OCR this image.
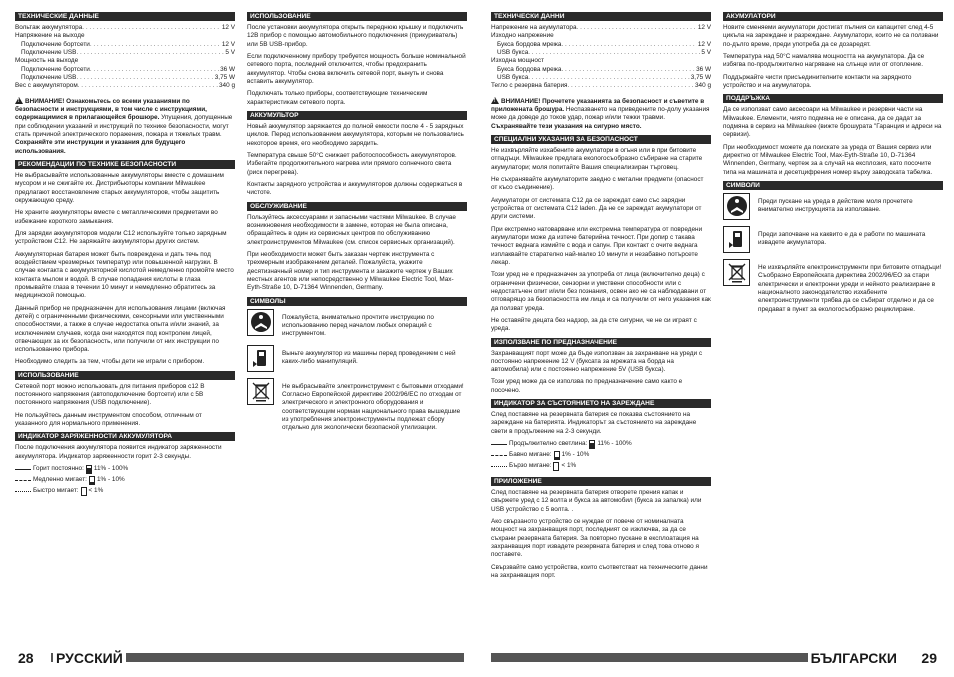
ТЕХНИЧЕСКИЕ ДАННЫЕ
Вольтаж аккумулятора . . .	12 V
Напряжение на выходе
Подключение бортсети . . .	12 V
Подключение USB . . .	5 V
Мощность на выходе
Подключение бортсети . . .	36 W
Подключение USB . . .	3,75 W
Вес с аккумулятором . . .	340 g
!ВНИМАНИЕ! Ознакомьтесь со всеми указаниями по безопасности и инструкциями, в том числе с инструкциями, содержащимися в прилагающейся брошюре. Упущения, допущенные при соблюдении указаний и инструкций по технике безопасности, могут стать причиной электрического поражения, пожара и тяжелых травм.
Сохраняйте эти инструкции и указания для будущего использования.
РЕКОМЕНДАЦИИ ПО ТЕХНИКЕ БЕЗОПАСНОСТИ
Не выбрасывайте использованные аккумуляторы вместе с домашним мусором и не сжигайте их. Дистрибьюторы компании Milwaukee предлагают восстановление старых аккумуляторов, чтобы защитить окружающую среду.
Не храните аккумуляторы вместе с металлическими предметами во избежание короткого замыкания.
Для зарядки аккумуляторов модели C12 используйте только зарядным устройством C12. Не заряжайте аккумуляторы других систем.
Аккумуляторная батарея может быть повреждена и дать течь под воздействием чрезмерных температур или повышенной нагрузки. В случае контакта с аккумуляторной кислотой немедленно промойте место контакта мылом и водой. В случае попадания кислоты в глаза промывайте глаза в течении 10 минут и немедленно обратитесь за медицинской помощью.
Данный прибор не предназначен для использования лицами (включая детей) с ограниченными физическими, сенсорными или умственными способностями, а также в случае недостатка опыта и/или знаний, за исключением случаев, когда они находятся под контролем лицей, отвечающих за их безопасность, или получили от них инструкции по использованию прибора.
Необходимо следить за тем, чтобы дети не играли с прибором.
ИСПОЛЬЗОВАНИЕ
Сетевой порт можно использовать для питания приборов c12 В постоянного напряжения (автоподключение бортсети) или с 5В постоянного напряжения (USB подключение).
Не пользуйтесь данным инструментом способом, отличным от указанного для нормального применения.
ИНДИКАТОР ЗАРЯЖЕННОСТИ АККУМУЛЯТОРА
После подключения аккумулятора появится индикатор заряженности аккумулятора. Индикатор заряженности горит 2-3 секунды.
Горит постоянно: 11% - 100%
Медленно мигает: 1% - 10%
Быстро мигает: < 1%
ИСПОЛЬЗОВАНИЕ
После установки аккумулятора открыть переднюю крышку и подключить 12В прибор с помощью автомобильного подключения (прикуриватель) или 5В USB-прибор.
Если подключенному прибору требуется мощность больше номинальной сетевого порта, последний отключится, чтобы предохранить аккумулятор. Чтобы снова включить сетевой порт, вынуть и снова вставить аккумулятор.
Подключать только приборы, соответствующие техническим характеристикам сетевого порта.
АККУМУЛЬТОР
Новый аккумулятор заряжается до полной емкости после 4 - 5 зарядных циклов. Перед использованием аккумулятора, которым не пользовались некоторое время, его необходимо зарядить.
Температура свыше 50°C снижает работоспособность аккумуляторов. Избегайте продолжительного нагрева или прямого солнечного света (риск перегрева).
Контакты зарядного устройства и аккумуляторов должны содержаться в чистоте.
ОБСЛУЖИВАНИЕ
Пользуйтесь аксессуарами и запасными частями Milwaukee. В случае возникновения необходимости в замене, которая не была описана, обращайтесь в один из сервисных центров по обслуживанию электроинструментов Milwaukee (см. список сервисных организаций).
При необходимости может быть заказан чертеж инструмента с трехмерным изображением деталей. Пожалуйста, укажите десятизначный номер и тип инструмента и закажите чертеж у Ваших местных агентов или непосредственно у Milwaukee Electric Tool, Max-Eyth-Straße 10, D-71364 Winnenden, Germany.
СИМВОЛЫ
Пожалуйста, внимательно прочтите инструкцию по использованию перед началом любых операций с инструментом.
Выньте аккумулятор из машины перед проведением с ней каких-либо манипуляций.
Не выбрасывайте электроинструмент с бытовыми отходами! Согласно Европейской директиве 2002/96/EC по отходам от электрического и электронного оборудования и соответствующим нормам национального права вышедшие из употребления электроинструменты подлежат сбору отдельно для экологически безопасной утилизации.
ТЕХНИЧЕСКИ ДАННИ
Напрежение на акумулатора . . .	12 V
Изходно напрежение
Букса бордова мрежа . . .	12 V
USB букса . . .	5 V
Изходна мощност
Букса бордова мрежа . . .	36 W
USB букса . . .	3,75 W
Тегло с резервна батерия . . .	340 g
!ВНИМАНИЕ! Прочетете указанията за безопасност и съветите в приложената брошура. Неспазването на приведените по-долу указания може да доведе до токов удар, пожар и/или тежки травми. Съхранявайте тези указания на сигурно място.
СПЕЦИАЛНИ УКАЗАНИЯ ЗА БЕЗОПАСНОСТ
Не изхвърляйте изхабените акумулатори в огъня или в при битовите отпадъци. Milwaukee предлага екологосъобразно събиране на старите акумулатори; моля попитайте Вашия специализиран търговец.
Не съхранявайте акумулаторите заедно с метални предмети (опасност от късо съединение).
Акумулатори от системата C12 да се зареждат само със зарядни устройства от системата C12 laden. Да не се зареждат акумулатори от други системи.
При екстремно натоварване или екстремна температура от повредени акумулатори може да изтече батерийна течност. При допир с такава течност веднага измийте с вода и сапун. При контакт с очите веднага изплаквайте старателно най-малко 10 минути и незабавно потърсете лекар.
Този уред не е предназначен за употреба от лица (включително деца) с ограничени физически, сензорни и умствени способности или с недостатъчен опит и/или без познания, освен ако не са наблюдавани от отговарящо за безопасността им лица и са получили от него указания как да ползват уреда.
Не оставяйте децата без надзор, за да сте сигурни, че не си играят с уреда.
ИЗПОЛЗВАНЕ ПО ПРЕДНАЗНАЧЕНИЕ
Захранващият порт може да бъде използван за захранване на уреди с постоянно напрежение 12 V (буксата за мрежата на борда на автомобила) или с постоянно напрежение 5V (USB букса).
Този уред може да се използва по предназначение само както е посочено.
ИНДИКАТОР ЗА СЪСТОЯНИЕТО НА ЗАРЕЖДАНЕ
След поставяне на резервната батерия се показва състоянието на зареждане на батерията. Индикаторът за състоянието на зареждане свети в продължение на 2-3 секунди.
Продължително светлина: 11% - 100%
Бавно мигане: 1% - 10%
Бързо мигане: < 1%
ПРИЛОЖЕНИЕ
След поставяне на резервната батерия отворете прения капак и свържете уред с 12 волта и букса за автомобил (букса за запалка) или USB устройство с 5 волта. .
Ако свързаното устройство се нуждае от повече от номиналната мощност на захранващия порт, последният се изключва, за да се съхрани резервната батерия. За повторно пускане в експлоатация на захранващия порт извадете резервната батерия и след това отново я поставете.
Свързвайте само устройства, които съответстват на техническите данни на захранващия порт.
АКУМУЛАТОРИ
Новите сменяеми акумулатори достигат пълния си капацитет след 4-5 цикъла на зареждане и разреждане. Акумулатори, които не са ползвани по-дълго време, преди употреба да се дозаредят.
Температура над 50°C намалява мощността на акумулатора. Да се избягва по-продължително нагряване на слънце или от отопление.
Поддържайте чисти присъединителните контакти на зарядното устройство и на акумулатора.
ПОДДРЪЖКА
Да се използват само аксесоари на Milwaukee и резервни части на Milwaukee. Елементи, чиято подмяна не е описана, да се дадат за подмяна в сервиз на Milwaukee (вижте брошурата "Гаранция и адреси на сервизи).
При необходимост можете да поискате за уреда от Вашия сервиз или директно от Milwaukee Electric Tool, Max-Eyth-Straße 10, D-71364 Winnenden, Germany, чертеж за а случай на експлозия, като посочите типа на машината и десетцифрения номер върху заводската табелка.
СИМВОЛИ
Преди пускане на уреда в действие моля прочетете внимателно инструкцията за използване.
Преди започване на каквито е да е работи по машината извадете акумулатора.
Не изхвърляйте електроинструменти при битовите отпадъци! Съобразно Европейската директива 2002/96/EO за стари електрически и електронни уреди и нейното реализиране в националното законодателство изхабените електроинструменти трябва да се събират отделно и да се предават в пункт за екологосъобразно рециклиране.
28 РУССКИЙ	БЪЛГАРСКИ 29
